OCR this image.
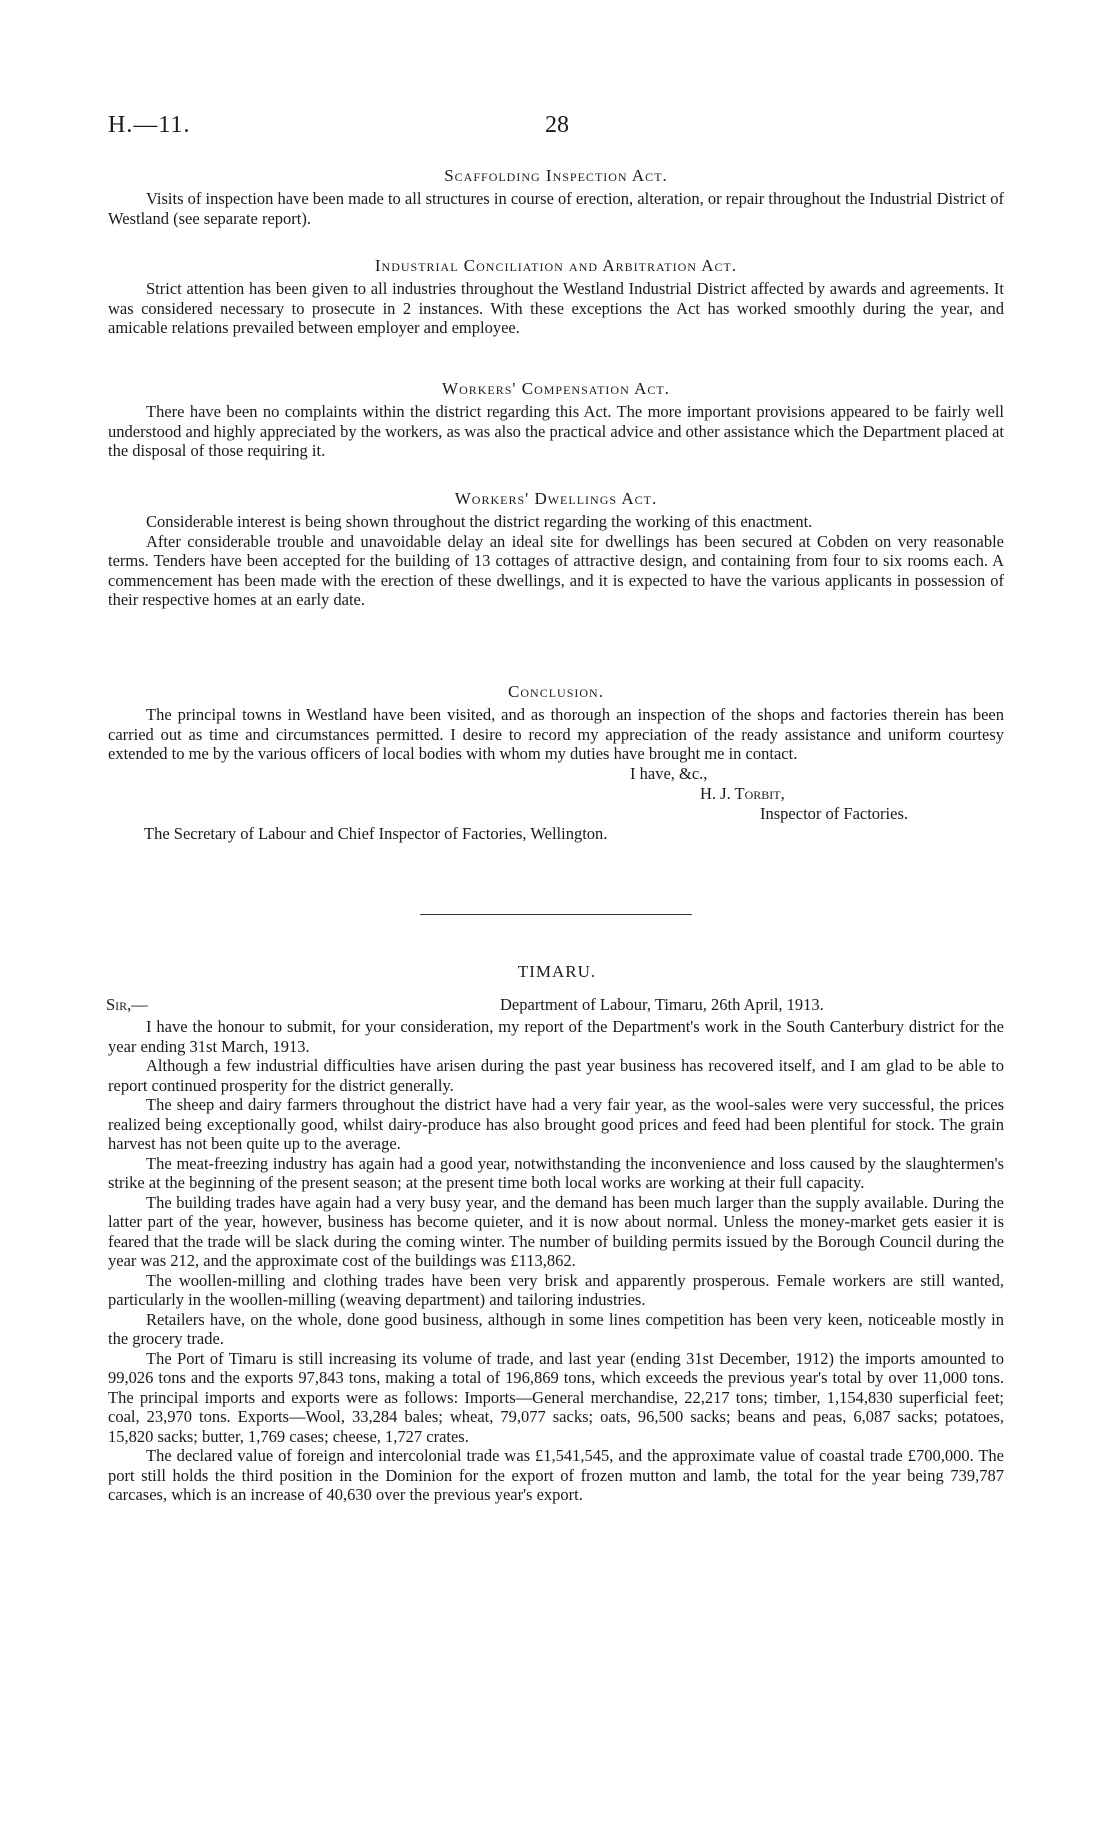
H.—11.	28
Scaffolding Inspection Act.

Visits of inspection have been made to all structures in course of erection, alteration, or repair throughout the Industrial District of Westland (see separate report).

Industrial Conciliation and Arbitration Act.

Strict attention has been given to all industries throughout the Westland Industrial District affected by awards and agreements. It was considered necessary to prosecute in 2 instances. With these exceptions the Act has worked smoothly during the year, and amicable relations prevailed between employer and employee.

Workers' Compensation Act.

There have been no complaints within the district regarding this Act. The more important provisions appeared to be fairly well understood and highly appreciated by the workers, as was also the practical advice and other assistance which the Department placed at the disposal of those requiring it.

Workers' Dwellings Act.

Considerable interest is being shown throughout the district regarding the working of this enactment.

After considerable trouble and unavoidable delay an ideal site for dwellings has been secured at Cobden on very reasonable terms. Tenders have been accepted for the building of 13 cottages of attractive design, and containing from four to six rooms each. A commencement has been made with the erection of these dwellings, and it is expected to have the various applicants in possession of their respective homes at an early date.

Conclusion.

The principal towns in Westland have been visited, and as thorough an inspection of the shops and factories therein has been carried out as time and circumstances permitted. I desire to record my appreciation of the ready assistance and uniform courtesy extended to me by the various officers of local bodies with whom my duties have brought me in contact.

I have, &c.,
H. J. Torbit,
Inspector of Factories.
The Secretary of Labour and Chief Inspector of Factories, Wellington.
TIMARU.
Sir,—	Department of Labour, Timaru, 26th April, 1913.

I have the honour to submit, for your consideration, my report of the Department's work in the South Canterbury district for the year ending 31st March, 1913.

Although a few industrial difficulties have arisen during the past year business has recovered itself, and I am glad to be able to report continued prosperity for the district generally.

The sheep and dairy farmers throughout the district have had a very fair year, as the wool-sales were very successful, the prices realized being exceptionally good, whilst dairy-produce has also brought good prices and feed had been plentiful for stock. The grain harvest has not been quite up to the average.

The meat-freezing industry has again had a good year, notwithstanding the inconvenience and loss caused by the slaughtermen's strike at the beginning of the present season; at the present time both local works are working at their full capacity.

The building trades have again had a very busy year, and the demand has been much larger than the supply available. During the latter part of the year, however, business has become quieter, and it is now about normal. Unless the money-market gets easier it is feared that the trade will be slack during the coming winter. The number of building permits issued by the Borough Council during the year was 212, and the approximate cost of the buildings was £113,862.

The woollen-milling and clothing trades have been very brisk and apparently prosperous. Female workers are still wanted, particularly in the woollen-milling (weaving department) and tailoring industries.

Retailers have, on the whole, done good business, although in some lines competition has been very keen, noticeable mostly in the grocery trade.

The Port of Timaru is still increasing its volume of trade, and last year (ending 31st December, 1912) the imports amounted to 99,026 tons and the exports 97,843 tons, making a total of 196,869 tons, which exceeds the previous year's total by over 11,000 tons. The principal imports and exports were as follows: Imports—General merchandise, 22,217 tons; timber, 1,154,830 superficial feet; coal, 23,970 tons. Exports—Wool, 33,284 bales; wheat, 79,077 sacks; oats, 96,500 sacks; beans and peas, 6,087 sacks; potatoes, 15,820 sacks; butter, 1,769 cases; cheese, 1,727 crates.

The declared value of foreign and intercolonial trade was £1,541,545, and the approximate value of coastal trade £700,000. The port still holds the third position in the Dominion for the export of frozen mutton and lamb, the total for the year being 739,787 carcases, which is an increase of 40,630 over the previous year's export.
